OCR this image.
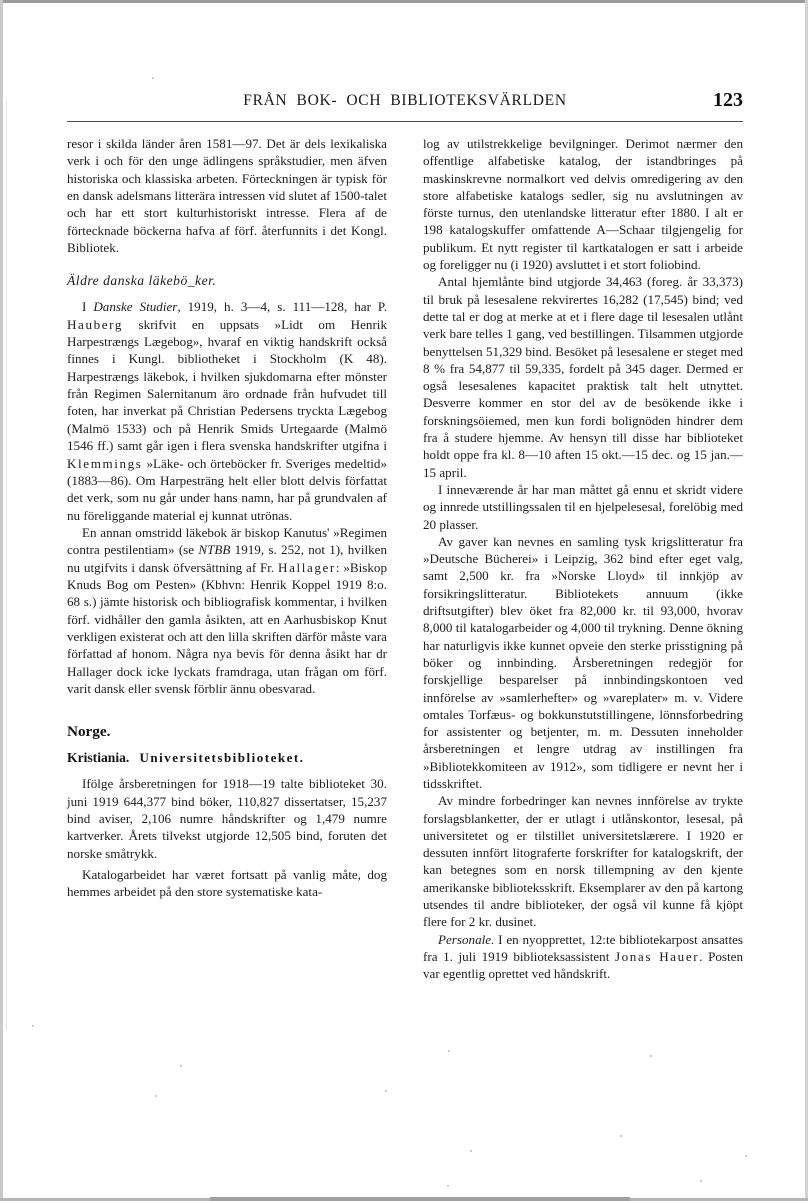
FRÅN  BOK-  OCH  BIBLIOTEKSVÄRLDEN	123

resor i skilda länder åren 1581—97. Det är dels lexikaliska verk i och för den unge ädlingens språkstudier, men äfven historiska och klassiska arbeten. Förteckningen är typisk för en dansk adelsmans litterära intressen vid slutet af 1500-talet och har ett stort kulturhistoriskt intresse. Flera af de förtecknade böckerna hafva af förf. återfunnits i det Kongl. Bibliotek.

Äldre danska läkebö_ker.

I Danske Studier, 1919, h. 3—4, s. 111—128, har P. Hauberg skrifvit en uppsats »Lidt om Henrik Harpestrængs Lægebog», hvaraf en viktig handskrift också finnes i Kungl. bibliotheket i Stockholm (K 48). Harpestrængs läkebok, i hvilken sjukdomarna efter mönster från Regimen Salernitanum äro ordnade från hufvudet till foten, har inverkat på Christian Pedersens tryckta Lægebog (Malmö 1533) och på Henrik Smids Urtegaarde (Malmö 1546 ff.) samt går igen i flera svenska handskrifter utgifna i Klemmings »Läke- och örteböcker fr. Sveriges medeltid» (1883—86). Om Harpesträng helt eller blott delvis författat det verk, som nu går under hans namn, har på grundvalen af nu föreliggande material ej kunnat utrönas.

En annan omstridd läkebok är biskop Kanutus' »Regimen contra pestilentiam» (se NTBB 1919, s. 252, not 1), hvilken nu utgifvits i dansk öfversättning af Fr. Hallager: »Biskop Knuds Bog om Pesten» (Kbhvn: Henrik Koppel 1919 8:o. 68 s.) jämte historisk och bibliografisk kommentar, i hvilken förf. vidhåller den gamla åsikten, att en Aarhusbiskop Knut verkligen existerat och att den lilla skriften därför måste vara författad af honom. Några nya bevis för denna åsikt har dr Hallager dock icke lyckats framdraga, utan frågan om förf. varit dansk eller svensk förblir ännu obesvarad.

Norge.
Kristiania. Universitetsbiblioteket.

Ifölge årsberetningen for 1918—19 talte biblioteket 30. juni 1919 644,377 bind böker, 110,827 dissertatser, 15,237 bind aviser, 2,106 numre håndskrifter og 1,479 numre kartverker. Årets tilvekst utgjorde 12,505 bind, foruten det norske småtrykk.

Katalogarbeidet har været fortsatt på vanlig måte, dog hemmes arbeidet på den store systematiske kata-

log av utilstrekkelige bevilgninger. Derimot nærmer den offentlige alfabetiske katalog, der istandbringes på maskinskrevne normalkort ved delvis omredigering av den store alfabetiske katalogs sedler, sig nu avslutningen av förste turnus, den utenlandske litteratur efter 1880. I alt er 198 katalogskuffer omfattende A—Schaar tilgjengelig for publikum. Et nytt register til kartkatalogen er satt i arbeide og foreligger nu (i 1920) avsluttet i et stort foliobind.

Antal hjemlånte bind utgjorde 34,463 (foreg. år 33,373) til bruk på lesesalene rekvirertes 16,282 (17,545) bind; ved dette tal er dog at merke at et i flere dage til lesesalen utlånt verk bare telles 1 gang, ved bestillingen. Tilsammen utgjorde benyttelsen 51,329 bind. Besöket på lesesalene er steget med 8 % fra 54,877 til 59,335, fordelt på 345 dager. Dermed er også lesesalenes kapacitet praktisk talt helt utnyttet. Desverre kommer en stor del av de besökende ikke i forskningsöiemed, men kun fordi bolignöden hindrer dem fra å studere hjemme. Av hensyn till disse har biblioteket holdt oppe fra kl. 8—10 aften 15 okt.—15 dec. og 15 jan.—15 april.

I inneværende år har man måttet gå ennu et skridt videre og innrede utstillingssalen til en hjelpelesesal, forelöbig med 20 plasser.

Av gaver kan nevnes en samling tysk krigslitteratur fra »Deutsche Bücherei» i Leipzig, 362 bind efter eget valg, samt 2,500 kr. fra »Norske Lloyd» til innkjöp av forsikringslitteratur. Bibliotekets annuum (ikke driftsutgifter) blev öket fra 82,000 kr. til 93,000, hvorav 8,000 til katalogarbeider og 4,000 til trykning. Denne ökning har naturligvis ikke kunnet opveie den sterke prisstigning på böker og innbinding. Årsberetningen redegjör for forskjellige besparelser på innbindingskontoen ved innförelse av »samlerhefter» og »vareplater» m. v. Videre omtales Torfæus- og bokkunstutstillingene, lönnsforbedring for assistenter og betjenter, m. m. Dessuten inneholder årsberetningen et lengre utdrag av instillingen fra »Bibliotekkomiteen av 1912», som tidligere er nevnt her i tidsskriftet.

Av mindre forbedringer kan nevnes innförelse av trykte forslagsblanketter, der er utlagt i utlånskontor, lesesal, på universitetet og er tilstillet universitetslærere. I 1920 er dessuten innfört litograferte forskrifter for katalogskrift, der kan betegnes som en norsk tillempning av den kjente amerikanske biblioteksskrift. Eksemplarer av den på kartong utsendes til andre biblioteker, der også vil kunne få kjöpt flere for 2 kr. dusinet.

Personale. I en nyopprettet, 12:te bibliotekarpost ansattes fra 1. juli 1919 biblioteksassistent Jonas Hauer. Posten var egentlig oprettet ved håndskrift.
